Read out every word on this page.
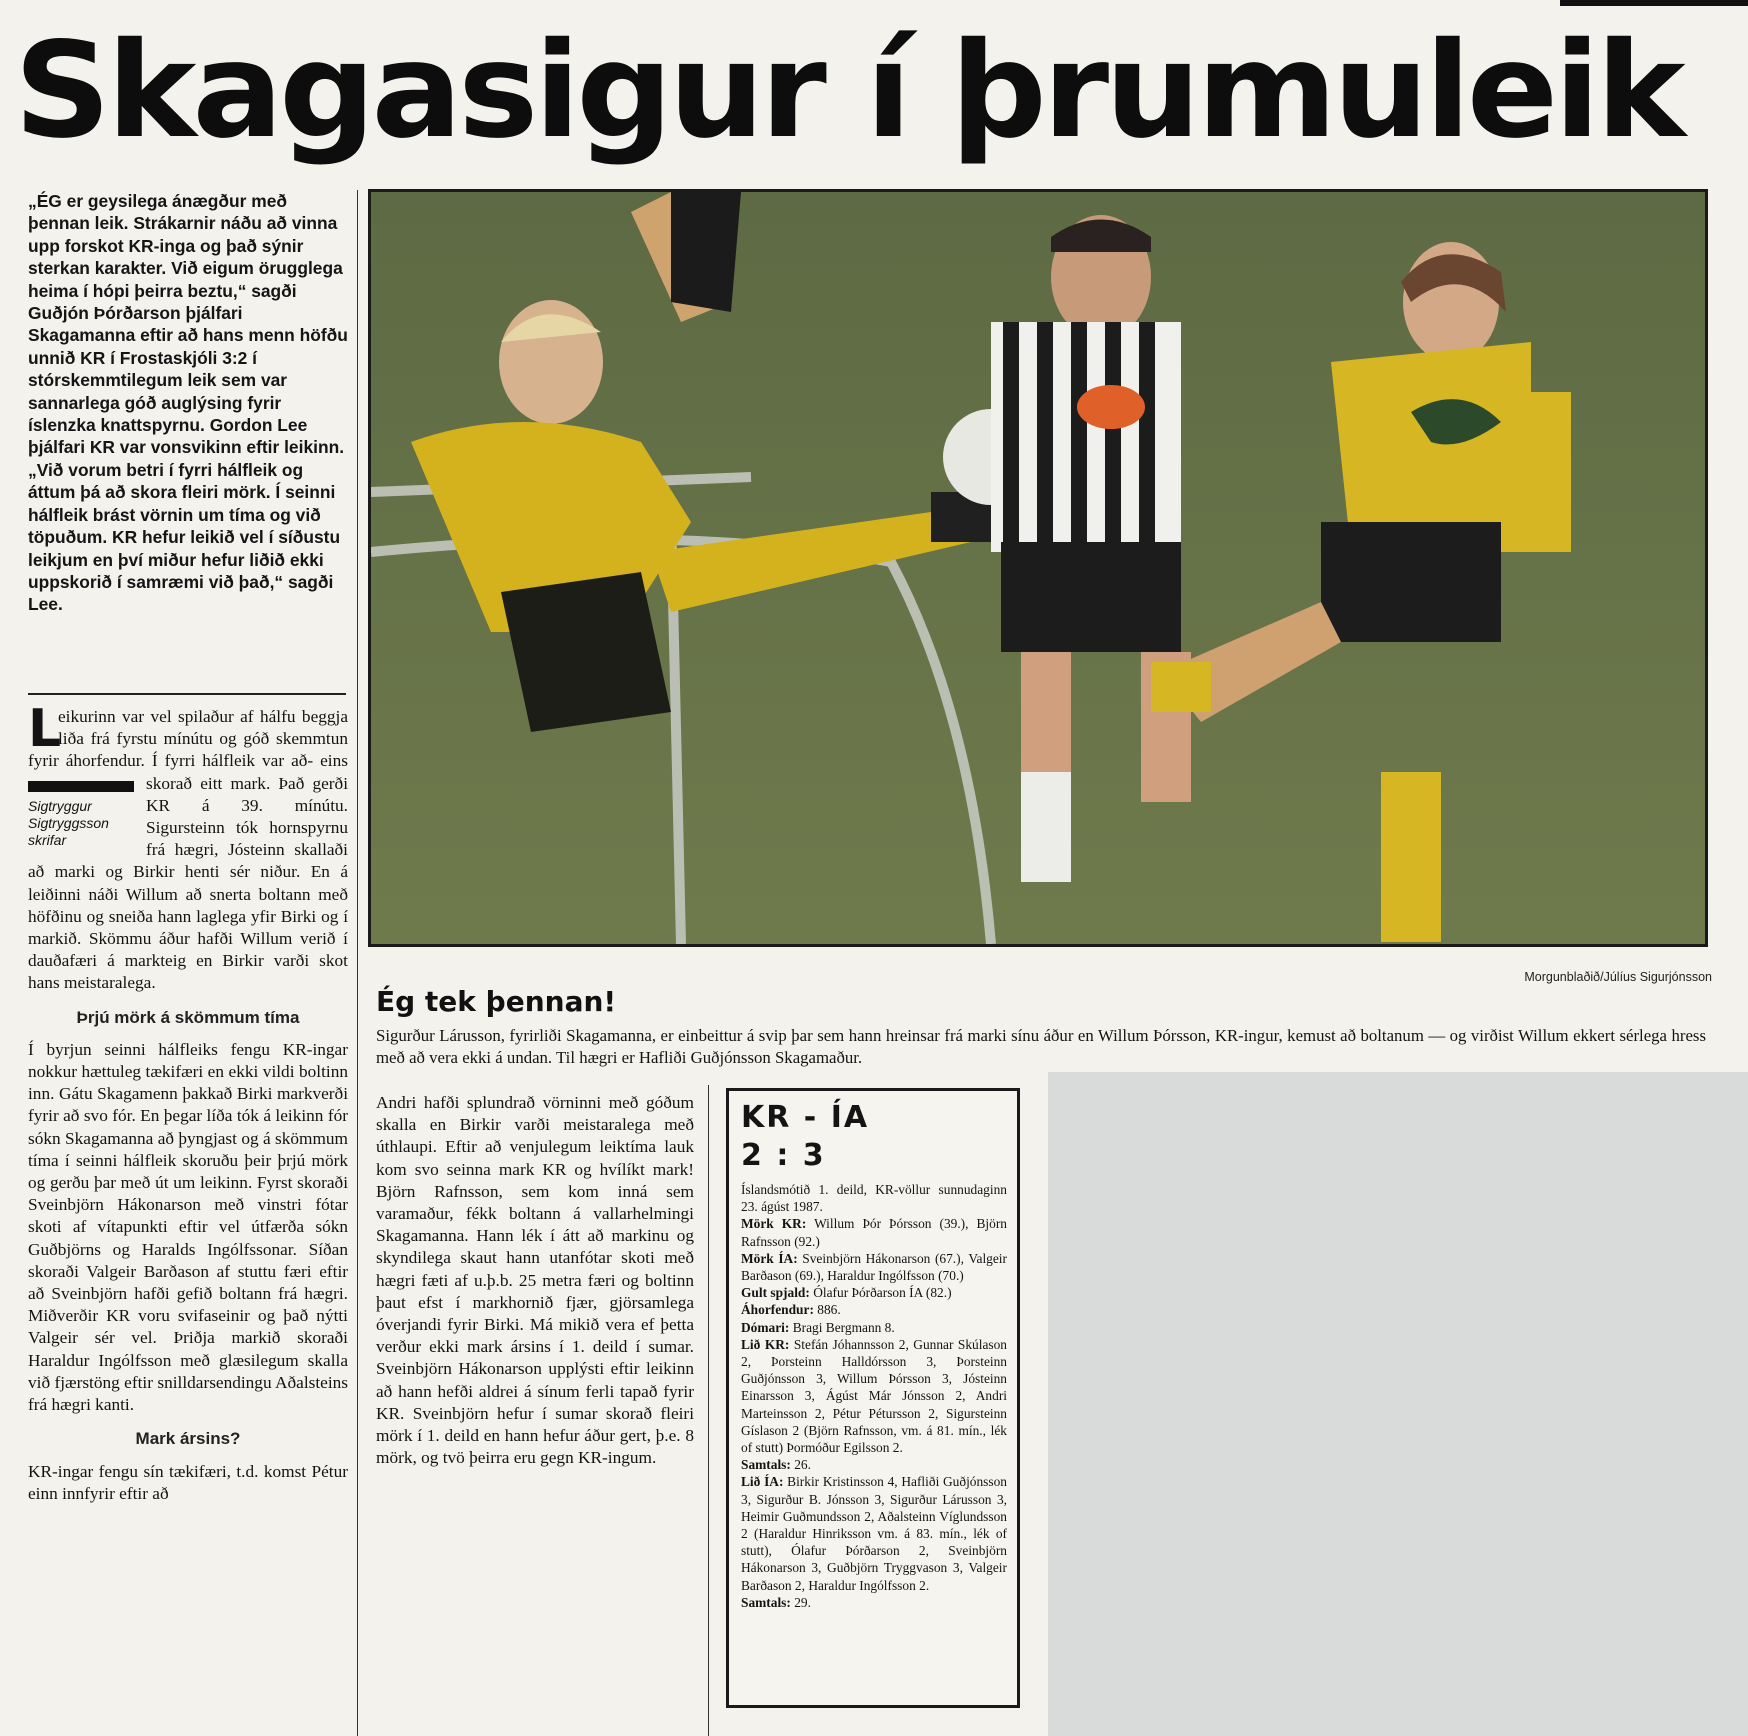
Skagasigur í þrumuleik

„ÉG er geysilega ánægður með þennan leik. Strákarnir náðu að vinna upp forskot KR-inga og það sýnir sterkan karakter. Við eigum örugglega heima í hópi þeirra beztu,“ sagði Guðjón Þórðarson þjálfari Skagamanna eftir að hans menn höfðu unnið KR í Frostaskjóli 3:2 í stórskemmtilegum leik sem var sannarlega góð auglýsing fyrir íslenzka knattspyrnu. Gordon Lee þjálfari KR var vonsvikinn eftir leikinn.

„Við vorum betri í fyrri hálfleik og áttum þá að skora fleiri mörk. Í seinni hálfleik brást vörnin um tíma og við töpuðum. KR hefur leikið vel í síðustu leikjum en því miður hefur liðið ekki uppskorið í samræmi við það,“ sagði Lee.

L
eikurinn var vel spilaður af hálfu beggja liða frá fyrstu mínútu og góð skemmtun fyrir áhorfendur. Í fyrri hálfleik var að-
Sigtryggur
Sigtryggsson
skrifar
eins skorað eitt mark. Það gerði KR á 39. mínútu. Sigursteinn tók hornspyrnu frá hægri, Jósteinn skallaði að marki og Birkir henti sér niður. En á leiðinni náði Willum að snerta boltann með höfðinu og sneiða hann laglega yfir Birki og í markið. Skömmu áður hafði Willum verið í dauðafæri á markteig en Birkir varði skot hans meistaralega.
Þrjú mörk á skömmum tíma
Í byrjun seinni hálfleiks fengu KR-ingar nokkur hættuleg tækifæri en ekki vildi boltinn inn. Gátu Skagamenn þakkað Birki markverði fyrir að svo fór. En þegar líða tók á leikinn fór sókn Skagamanna að þyngjast og á skömmum tíma í seinni hálfleik skoruðu þeir þrjú mörk og gerðu þar með út um leikinn. Fyrst skoraði Sveinbjörn Hákonarson með vinstri fótar skoti af vítapunkti eftir vel útfærða sókn Guðbjörns og Haralds Ingólfssonar. Síðan skoraði Valgeir Barðason af stuttu færi eftir að Sveinbjörn hafði gefið boltann frá hægri. Miðverðir KR voru svifaseinir og það nýtti Valgeir sér vel. Þriðja markið skoraði Haraldur Ingólfsson með glæsilegum skalla við fjærstöng eftir snilldarsendingu Aðalsteins frá hægri kanti.
Mark ársins?
KR-ingar fengu sín tækifæri, t.d. komst Pétur einn innfyrir eftir að
Morgunblaðið/Júlíus Sigurjónsson
Ég tek þennan!
Sigurður Lárusson, fyrirliði Skagamanna, er einbeittur á svip þar sem hann hreinsar frá marki sínu áður en Willum Þórsson, KR-ingur, kemust að boltanum — og virðist Willum ekkert sérlega hress með að vera ekki á undan. Til hægri er Hafliði Guðjónsson Skagamaður.
Andri hafði splundrað vörninni með góðum skalla en Birkir varði meistaralega með úthlaupi. Eftir að venjulegum leiktíma lauk kom svo seinna mark KR og hvílíkt mark! Björn Rafnsson, sem kom inná sem varamaður, fékk boltann á vallarhelmingi Skagamanna. Hann lék í átt að markinu og skyndilega skaut hann utanfótar skoti með hægri fæti af u.þ.b. 25 metra færi og boltinn þaut efst í markhornið fjær, gjörsamlega óverjandi fyrir Birki. Má mikið vera ef þetta verður ekki mark ársins í 1. deild í sumar. Sveinbjörn Hákonarson upplýsti eftir leikinn að hann hefði aldrei á sínum ferli tapað fyrir KR. Sveinbjörn hefur í sumar skorað fleiri mörk í 1. deild en hann hefur áður gert, þ.e. 8 mörk, og tvö þeirra eru gegn KR-ingum.
KR - ÍA
2 : 3

Íslandsmótið 1. deild, KR-völlur sunnudaginn 23. ágúst 1987.

Mörk KR: Willum Þór Þórsson (39.), Björn Rafnsson (92.)

Mörk ÍA: Sveinbjörn Hákonarson (67.), Valgeir Barðason (69.), Haraldur Ingólfsson (70.)

Gult spjald: Ólafur Þórðarson ÍA (82.)

Áhorfendur: 886.

Dómari: Bragi Bergmann 8.

Lið KR: Stefán Jóhannsson 2, Gunnar Skúlason 2, Þorsteinn Halldórsson 3, Þorsteinn Guðjónsson 3, Willum Þórsson 3, Jósteinn Einarsson 3, Ágúst Már Jónsson 2, Andri Marteinsson 2, Pétur Pétursson 2, Sigursteinn Gíslason 2 (Björn Rafnsson, vm. á 81. mín., lék of stutt) Þormóður Egilsson 2.

Samtals: 26.

Lið ÍA: Birkir Kristinsson 4, Hafliði Guðjónsson 3, Sigurður B. Jónsson 3, Sigurður Lárusson 3, Heimir Guðmundsson 2, Aðalsteinn Víglundsson 2 (Haraldur Hinriksson vm. á 83. mín., lék of stutt), Ólafur Þórðarson 2, Sveinbjörn Hákonarson 3, Guðbjörn Tryggvason 3, Valgeir Barðason 2, Haraldur Ingólfsson 2.

Samtals: 29.
